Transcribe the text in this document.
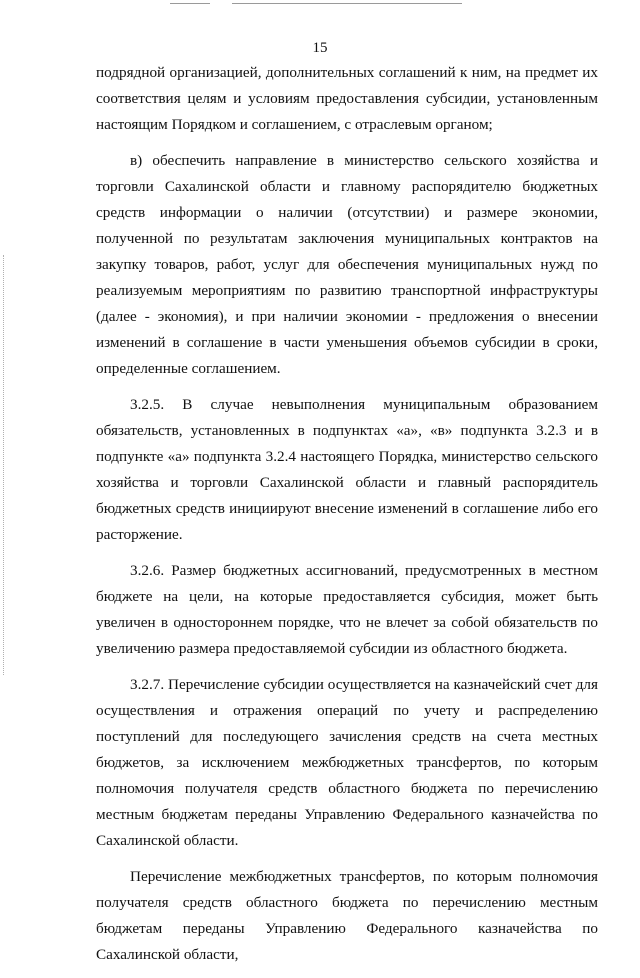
15

подрядной организацией, дополнительных соглашений к ним, на предмет их соответствия целям и условиям предоставления субсидии, установленным настоящим Порядком и соглашением, с отраслевым органом;

в) обеспечить направление в министерство сельского хозяйства и торговли Сахалинской области и главному распорядителю бюджетных средств информации о наличии (отсутствии) и размере экономии, полученной по результатам заключения муниципальных контрактов на закупку товаров, работ, услуг для обеспечения муниципальных нужд по реализуемым мероприятиям по развитию транспортной инфраструктуры (далее - экономия), и при наличии экономии - предложения о внесении изменений в соглашение в части уменьшения объемов субсидии в сроки, определенные соглашением.

3.2.5. В случае невыполнения муниципальным образованием обязательств, установленных в подпунктах «а», «в» подпункта 3.2.3 и в подпункте «а» подпункта 3.2.4 настоящего Порядка, министерство сельского хозяйства и торговли Сахалинской области и главный распорядитель бюджетных средств инициируют внесение изменений в соглашение либо его расторжение.

3.2.6. Размер бюджетных ассигнований, предусмотренных в местном бюджете на цели, на которые предоставляется субсидия, может быть увеличен в одностороннем порядке, что не влечет за собой обязательств по увеличению размера предоставляемой субсидии из областного бюджета.

3.2.7. Перечисление субсидии осуществляется на казначейский счет для осуществления и отражения операций по учету и распределению поступлений для последующего зачисления средств на счета местных бюджетов, за исключением межбюджетных трансфертов, по которым полномочия получателя средств областного бюджета по перечислению местным бюджетам переданы Управлению Федерального казначейства по Сахалинской области.

Перечисление межбюджетных трансфертов, по которым полномочия получателя средств областного бюджета по перечислению местным бюджетам переданы Управлению Федерального казначейства по Сахалинской области,
